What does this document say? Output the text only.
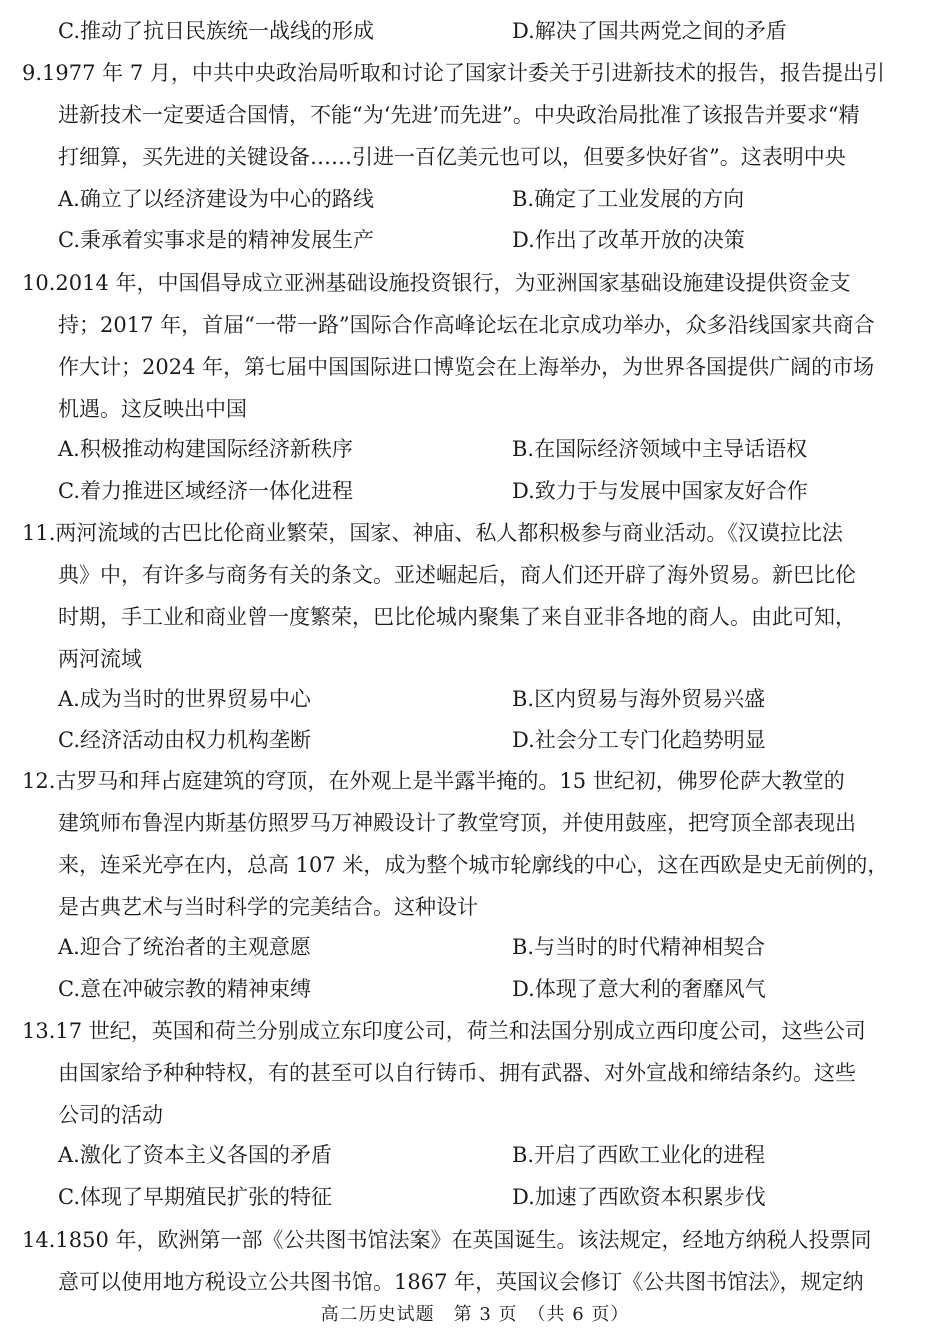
C.推动了抗日民族统一战线的形成	D.解决了国共两党之间的矛盾
9.1977 年 7 月，中共中央政治局听取和讨论了国家计委关于引进新技术的报告，报告提出引
进新技术一定要适合国情，不能“为‘先进’而先进”。中央政治局批准了该报告并要求“精
打细算，买先进的关键设备……引进一百亿美元也可以，但要多快好省”。这表明中央
A.确立了以经济建设为中心的路线	B.确定了工业发展的方向
C.秉承着实事求是的精神发展生产	D.作出了改革开放的决策
10.2014 年，中国倡导成立亚洲基础设施投资银行，为亚洲国家基础设施建设提供资金支
持；2017 年，首届“一带一路”国际合作高峰论坛在北京成功举办，众多沿线国家共商合
作大计；2024 年，第七届中国国际进口博览会在上海举办，为世界各国提供广阔的市场
机遇。这反映出中国
A.积极推动构建国际经济新秩序	B.在国际经济领域中主导话语权
C.着力推进区域经济一体化进程	D.致力于与发展中国家友好合作
11.两河流域的古巴比伦商业繁荣，国家、神庙、私人都积极参与商业活动。《汉谟拉比法
典》中，有许多与商务有关的条文。亚述崛起后，商人们还开辟了海外贸易。新巴比伦
时期，手工业和商业曾一度繁荣，巴比伦城内聚集了来自亚非各地的商人。由此可知，
两河流域
A.成为当时的世界贸易中心	B.区内贸易与海外贸易兴盛
C.经济活动由权力机构垄断	D.社会分工专门化趋势明显
12.古罗马和拜占庭建筑的穹顶，在外观上是半露半掩的。15 世纪初，佛罗伦萨大教堂的
建筑师布鲁涅内斯基仿照罗马万神殿设计了教堂穹顶，并使用鼓座，把穹顶全部表现出
来，连采光亭在内，总高 107 米，成为整个城市轮廓线的中心，这在西欧是史无前例的，
是古典艺术与当时科学的完美结合。这种设计
A.迎合了统治者的主观意愿	B.与当时的时代精神相契合
C.意在冲破宗教的精神束缚	D.体现了意大利的奢靡风气
13.17 世纪，英国和荷兰分别成立东印度公司，荷兰和法国分别成立西印度公司，这些公司
由国家给予种种特权，有的甚至可以自行铸币、拥有武器、对外宣战和缔结条约。这些
公司的活动
A.激化了资本主义各国的矛盾	B.开启了西欧工业化的进程
C.体现了早期殖民扩张的特征	D.加速了西欧资本积累步伐
14.1850 年，欧洲第一部《公共图书馆法案》在英国诞生。该法规定，经地方纳税人投票同
意可以使用地方税设立公共图书馆。1867 年，英国议会修订《公共图书馆法》，规定纳
高二历史试题　第 3 页　（共 6 页）
